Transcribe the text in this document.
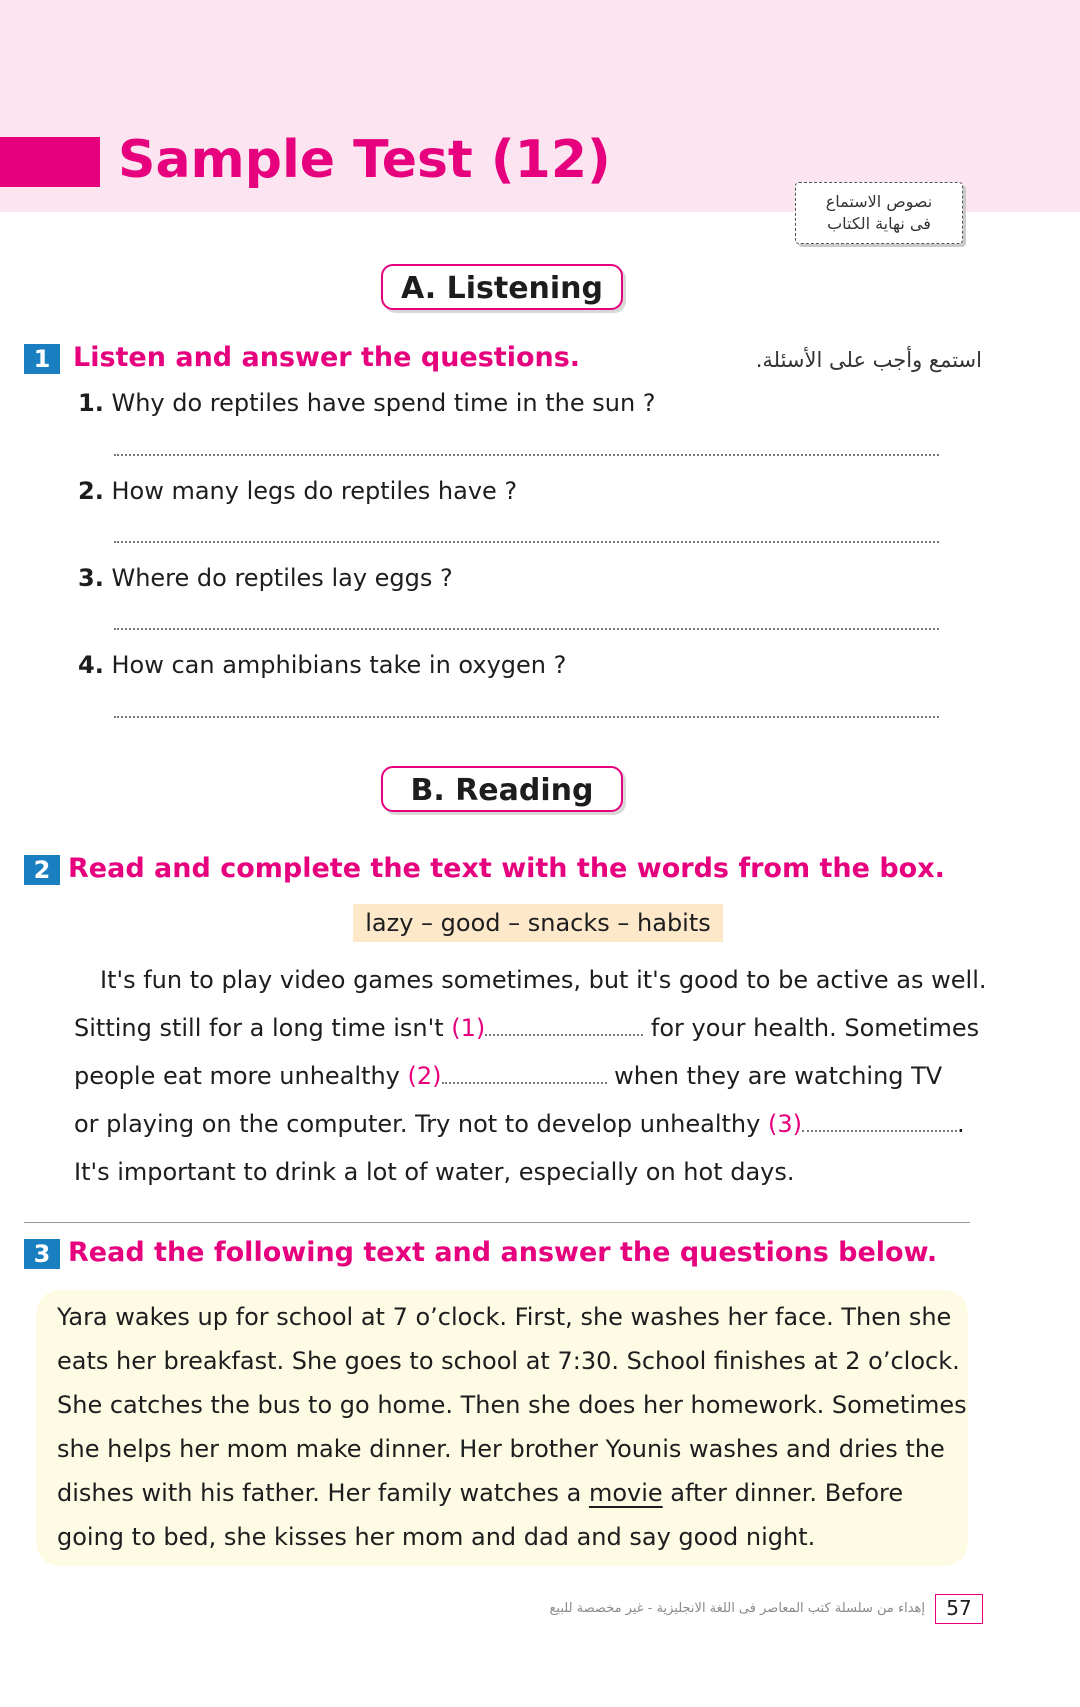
Sample Test (12)
نصوص الاستماع
فى نهاية الكتاب
A. Listening
1 Listen and answer the questions.	استمع وأجب على الأسئلة.
1. Why do reptiles have spend time in the sun ?
2. How many legs do reptiles have ?
3. Where do reptiles lay eggs ?
4. How can amphibians take in oxygen ?
B. Reading
2 Read and complete the text with the words from the box.
lazy – good – snacks – habits
It's fun to play video games sometimes, but it's good to be active as well.
Sitting still for a long time isn't (1)	for your health. Sometimes
people eat more unhealthy (2)	when they are watching TV
or playing on the computer. Try not to develop unhealthy (3)	.
It's important to drink a lot of water, especially on hot days.
3 Read the following text and answer the questions below.
Yara wakes up for school at 7 o’clock. First, she washes her face. Then she
eats her breakfast. She goes to school at 7:30. School finishes at 2 o’clock.
She catches the bus to go home. Then she does her homework. Sometimes
she helps her mom make dinner. Her brother Younis washes and dries the
dishes with his father. Her family watches a movie after dinner. Before
going to bed, she kisses her mom and dad and say good night.
إهداء من سلسلة كتب المعاصر فى اللغة الانجليزية - غير مخصصة للبيع	57
